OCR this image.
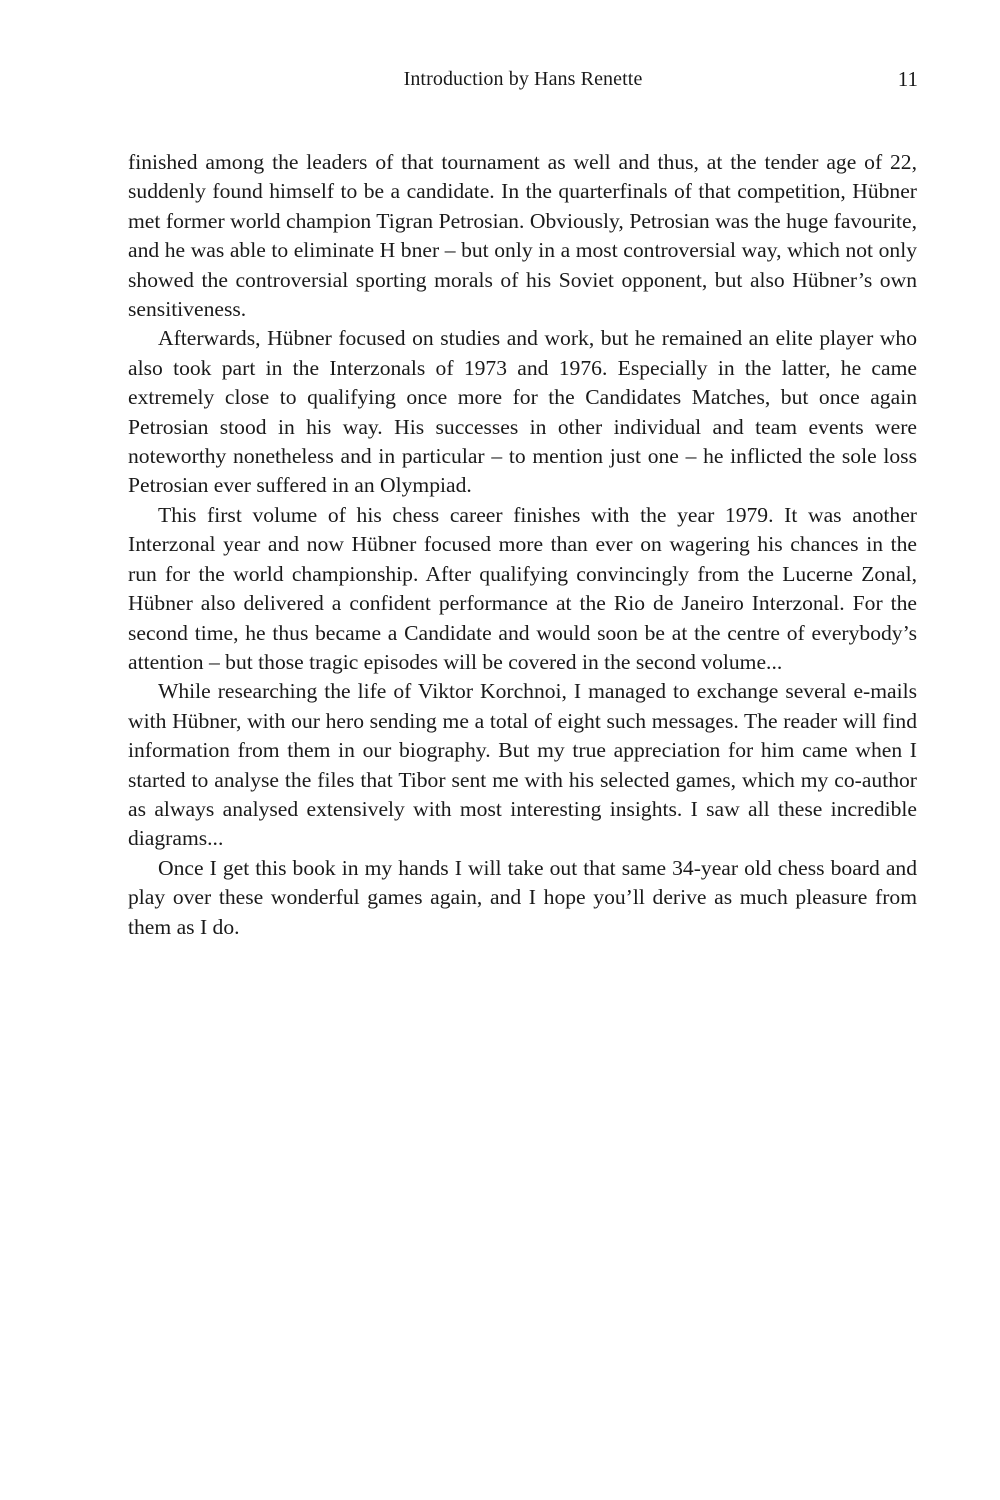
Introduction by Hans Renette	11

finished among the leaders of that tournament as well and thus, at the tender age of 22, suddenly found himself to be a candidate. In the quarterfinals of that competition, Hübner met former world champion Tigran Petrosian. Obviously, Petrosian was the huge favourite, and he was able to eliminate H bner – but only in a most controversial way, which not only showed the controversial sporting morals of his Soviet opponent, but also Hübner’s own sensitiveness.

Afterwards, Hübner focused on studies and work, but he remained an elite player who also took part in the Interzonals of 1973 and 1976. Especially in the latter, he came extremely close to qualifying once more for the Candidates Matches, but once again Petrosian stood in his way. His successes in other individual and team events were noteworthy nonetheless and in particular – to mention just one – he inflicted the sole loss Petrosian ever suffered in an Olympiad.

This first volume of his chess career finishes with the year 1979. It was another Interzonal year and now Hübner focused more than ever on wagering his chances in the run for the world championship. After qualifying convincingly from the Lucerne Zonal, Hübner also delivered a confident performance at the Rio de Janeiro Interzonal. For the second time, he thus became a Candidate and would soon be at the centre of everybody’s attention – but those tragic episodes will be covered in the second volume...

While researching the life of Viktor Korchnoi, I managed to exchange several e-mails with Hübner, with our hero sending me a total of eight such messages. The reader will find information from them in our biography. But my true appreciation for him came when I started to analyse the files that Tibor sent me with his selected games, which my co-author as always analysed extensively with most interesting insights. I saw all these incredible diagrams...

Once I get this book in my hands I will take out that same 34-year old chess board and play over these wonderful games again, and I hope you’ll derive as much pleasure from them as I do.
